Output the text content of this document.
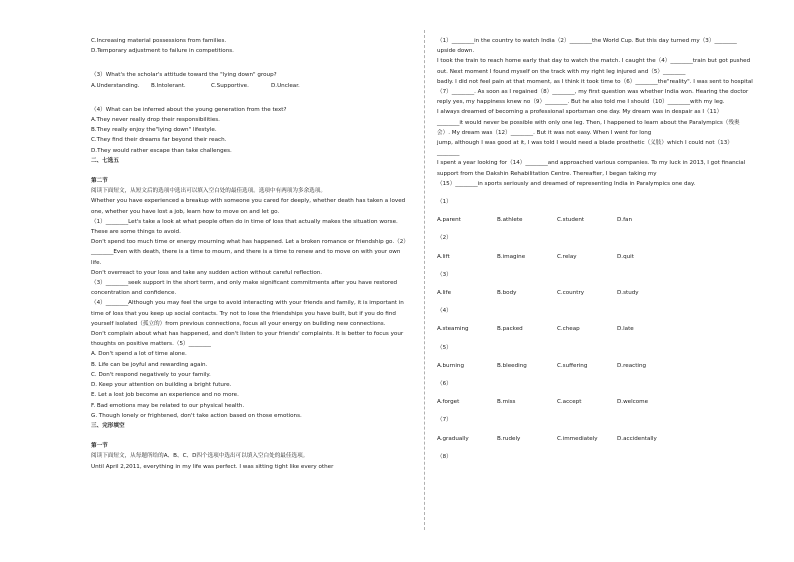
C.Increasing material possessions from families.

D.Temporary adjustment to failure in competitions.

（3）What's the scholar's attitude toward the "lying down" group?

A.Understanding.	B.Intolerant.	C.Supportive.	D.Unclear.

（4）What can be inferred about the young generation from the text?

A.They never really drop their responsibilities.

B.They really enjoy the"lying down" lifestyle.

C.They find their dreams far beyond their reach.

D.They would rather escape than take challenges.

二、七选五

第二节

阅读下面短文，从短文后的选项中选出可以填入空白处的最佳选项。选项中有两项为多余选项。

Whether you have experienced a breakup with someone you cared for deeply, whether death has taken a loved

one, whether you have lost a job, learn how to move on and let go.

（1）________Let's take a look at what people often do in time of loss that actually makes the situation worse.

These are some things to avoid.

Don't spend too much time or energy mourning what has happened. Let a broken romance or friendship go.（2）

________Even with death, there is a time to mourn, and there is a time to renew and to move on with your own

life.

Don't overreact to your loss and take any sudden action without careful reflection.

（3）________seek support in the short term, and only make significant commitments after you have restored

concentration and confidence.

（4）________Although you may feel the urge to avoid interacting with your friends and family, it is important in

time of loss that you keep up social contacts. Try not to lose the friendships you have built, but if you do find

yourself isolated（孤立的）from previous connections, focus all your energy on building new connections.

Don't complain about what has happened, and don't listen to your friends' complaints. It is better to focus your

thoughts on positive matters.（5）________

A. Don't spend a lot of time alone.

B. Life can be joyful and rewarding again.

C. Don't respond negatively to your family.

D. Keep your attention on building a bright future.

E. Let a lost job become an experience and no more.

F. Bad emotions may be related to our physical health.

G. Though lonely or frightened, don't take action based on those emotions.

三、完形填空

第一节

阅读下面短文，从每题所给的A、B、C、D四个选项中选出可以填入空白处的最佳选项。

Until April 2,2011, everything in my life was perfect. I was sitting tight like every other

（1）________in the country to watch India（2）________the World Cup. But this day turned my（3）________

upside down.

I took the train to reach home early that day to watch the match. I caught the（4）________train but got pushed

out. Next moment I found myself on the track with my right leg injured and（5）________

badly. I did not feel pain at that moment, as I think it took time to（6）________the"reality". I was sent to hospital

（7）________. As soon as I regained（8）________, my first question was whether India won. Hearing the doctor

reply yes, my happiness knew no（9）________. But he also told me I should（10）________with my leg.

I always dreamed of becoming a professional sportsman one day. My dream was in despair as I（11）

________it would never be possible with only one leg. Then, I happened to learn about the Paralympics（残奥

会）. My dream was（12）________. But it was not easy. When I went for long

jump, although I was good at it, I was told I would need a blade prosthetic（义肢）which I could not（13）

________

I spent a year looking for（14）________and approached various companies. To my luck in 2013, I got financial

support from the Dakshin Rehabilitation Centre. Thereafter, I began taking my

（15）________in sports seriously and dreamed of representing India in Paralympics one day.

（1）

A.parent	B.athlete	C.student	D.fan

（2）

A.lift	B.imagine	C.relay	D.quit

（3）

A.life	B.body	C.country	D.study

（4）

A.steaming	B.packed	C.cheap	D.late

（5）

A.burning	B.bleeding	C.suffering	D.reacting

（6）

A.forget	B.miss	C.accept	D.welcome

（7）

A.gradually	B.rudely	C.immediately	D.accidentally

（8）
